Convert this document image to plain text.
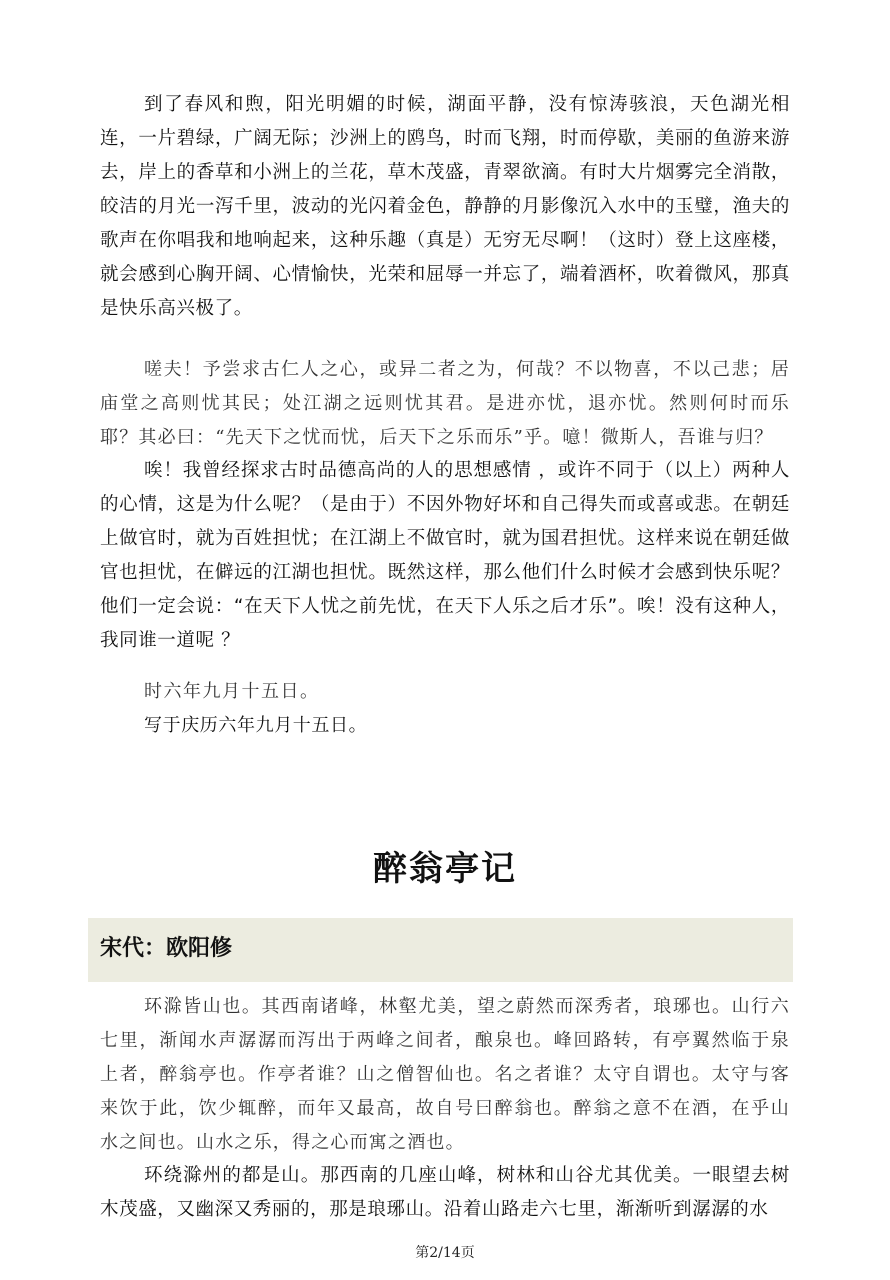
到了春风和煦，阳光明媚的时候，湖面平静，没有惊涛骇浪，天色湖光相连，一片碧绿，广阔无际；沙洲上的鸥鸟，时而飞翔，时而停歇，美丽的鱼游来游去，岸上的香草和小洲上的兰花，草木茂盛，青翠欲滴。有时大片烟雾完全消散，皎洁的月光一泻千里，波动的光闪着金色，静静的月影像沉入水中的玉璧，渔夫的歌声在你唱我和地响起来，这种乐趣（真是）无穷无尽啊！（这时）登上这座楼，就会感到心胸开阔、心情愉快，光荣和屈辱一并忘了，端着酒杯，吹着微风，那真是快乐高兴极了。

嗟夫！予尝求古仁人之心，或异二者之为，何哉？不以物喜，不以己悲；居庙堂之高则忧其民；处江湖之远则忧其君。是进亦忧，退亦忧。然则何时而乐耶？其必曰：“先天下之忧而忧，后天下之乐而乐”乎。噫！微斯人，吾谁与归？

唉！我曾经探求古时品德高尚的人的思想感情 ，或许不同于（以上）两种人的心情，这是为什么呢？（是由于）不因外物好坏和自己得失而或喜或悲。在朝廷上做官时，就为百姓担忧；在江湖上不做官时，就为国君担忧。这样来说在朝廷做官也担忧，在僻远的江湖也担忧。既然这样，那么他们什么时候才会感到快乐呢？他们一定会说：“在天下人忧之前先忧，在天下人乐之后才乐”。唉！没有这种人，我同谁一道呢 ？

时六年九月十五日。

写于庆历六年九月十五日。

醉翁亭记

宋代：欧阳修

环滁皆山也。其西南诸峰，林壑尤美，望之蔚然而深秀者，琅琊也。山行六七里，渐闻水声潺潺而泻出于两峰之间者，酿泉也。峰回路转，有亭翼然临于泉上者，醉翁亭也。作亭者谁？山之僧智仙也。名之者谁？太守自谓也。太守与客来饮于此，饮少辄醉，而年又最高，故自号曰醉翁也。醉翁之意不在酒，在乎山水之间也。山水之乐，得之心而寓之酒也。

环绕滁州的都是山。那西南的几座山峰，树林和山谷尤其优美。一眼望去树木茂盛，又幽深又秀丽的，那是琅琊山。沿着山路走六七里，渐渐听到潺潺的水

第2/14页
